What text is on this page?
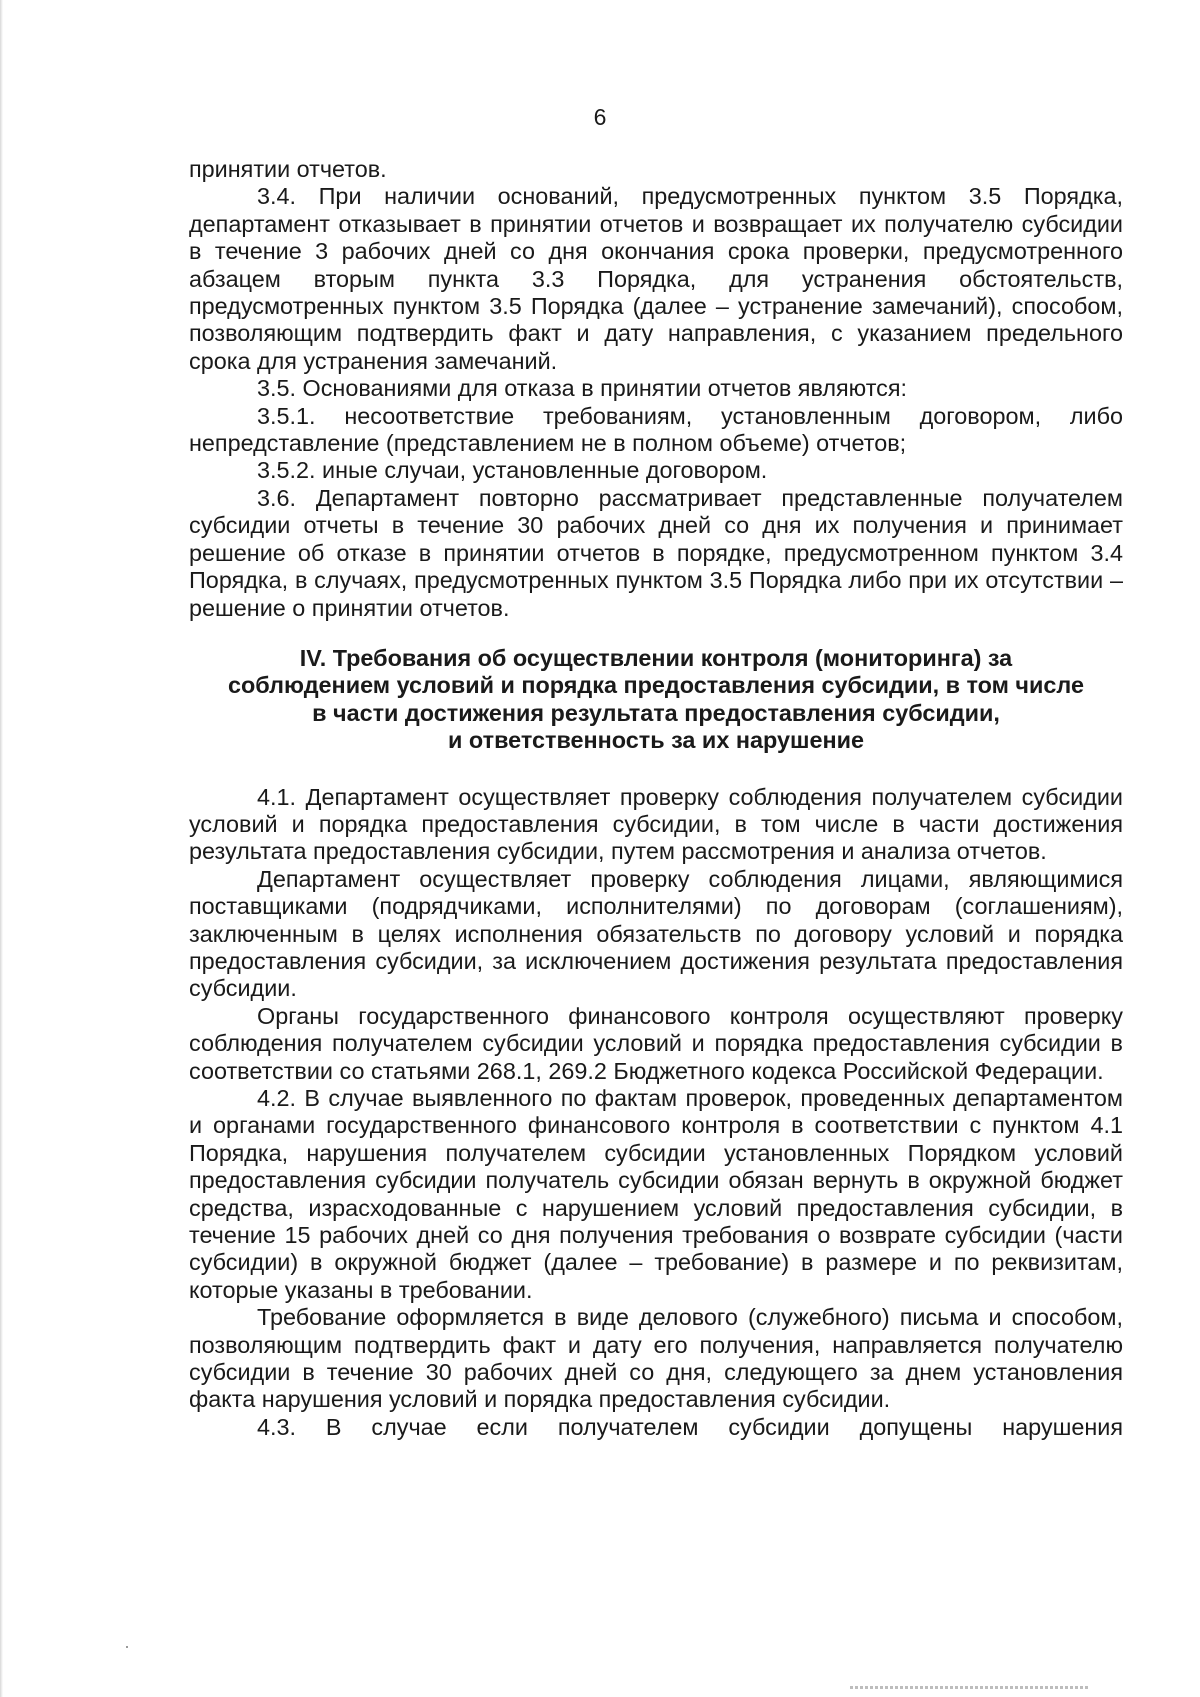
6

принятии отчетов.

3.4. При наличии оснований, предусмотренных пунктом 3.5 Порядка, департамент отказывает в принятии отчетов и возвращает их получателю субсидии в течение 3 рабочих дней со дня окончания срока проверки, предусмотренного абзацем вторым пункта 3.3 Порядка, для устранения обстоятельств, предусмотренных пунктом 3.5 Порядка (далее – устранение замечаний), способом, позволяющим подтвердить факт и дату направления, с указанием предельного срока для устранения замечаний.

3.5. Основаниями для отказа в принятии отчетов являются:

3.5.1. несоответствие требованиям, установленным договором, либо непредставление (представлением не в полном объеме) отчетов;

3.5.2. иные случаи, установленные договором.

3.6. Департамент повторно рассматривает представленные получателем субсидии отчеты в течение 30 рабочих дней со дня их получения и принимает решение об отказе в принятии отчетов в порядке, предусмотренном пунктом 3.4 Порядка, в случаях, предусмотренных пунктом 3.5 Порядка либо при их отсутствии – решение о принятии отчетов.

IV. Требования об осуществлении контроля (мониторинга) за
соблюдением условий и порядка предоставления субсидии, в том числе
в части достижения результата предоставления субсидии,
и ответственность за их нарушение

4.1. Департамент осуществляет проверку соблюдения получателем субсидии условий и порядка предоставления субсидии, в том числе в части достижения результата предоставления субсидии, путем рассмотрения и анализа отчетов.

Департамент осуществляет проверку соблюдения лицами, являющимися поставщиками (подрядчиками, исполнителями) по договорам (соглашениям), заключенным в целях исполнения обязательств по договору условий и порядка предоставления субсидии, за исключением достижения результата предоставления субсидии.

Органы государственного финансового контроля осуществляют проверку соблюдения получателем субсидии условий и порядка предоставления субсидии в соответствии со статьями 268.1, 269.2 Бюджетного кодекса Российской Федерации.

4.2. В случае выявленного по фактам проверок, проведенных департаментом и органами государственного финансового контроля в соответствии с пунктом 4.1 Порядка, нарушения получателем субсидии установленных Порядком условий предоставления субсидии получатель субсидии обязан вернуть в окружной бюджет средства, израсходованные с нарушением условий предоставления субсидии, в течение 15 рабочих дней со дня получения требования о возврате субсидии (части субсидии) в окружной бюджет (далее – требование) в размере и по реквизитам, которые указаны в требовании.

Требование оформляется в виде делового (служебного) письма и способом, позволяющим подтвердить факт и дату его получения, направляется получателю субсидии в течение 30 рабочих дней со дня, следующего за днем установления факта нарушения условий и порядка предоставления субсидии.

4.3. В случае если получателем субсидии допущены нарушения
